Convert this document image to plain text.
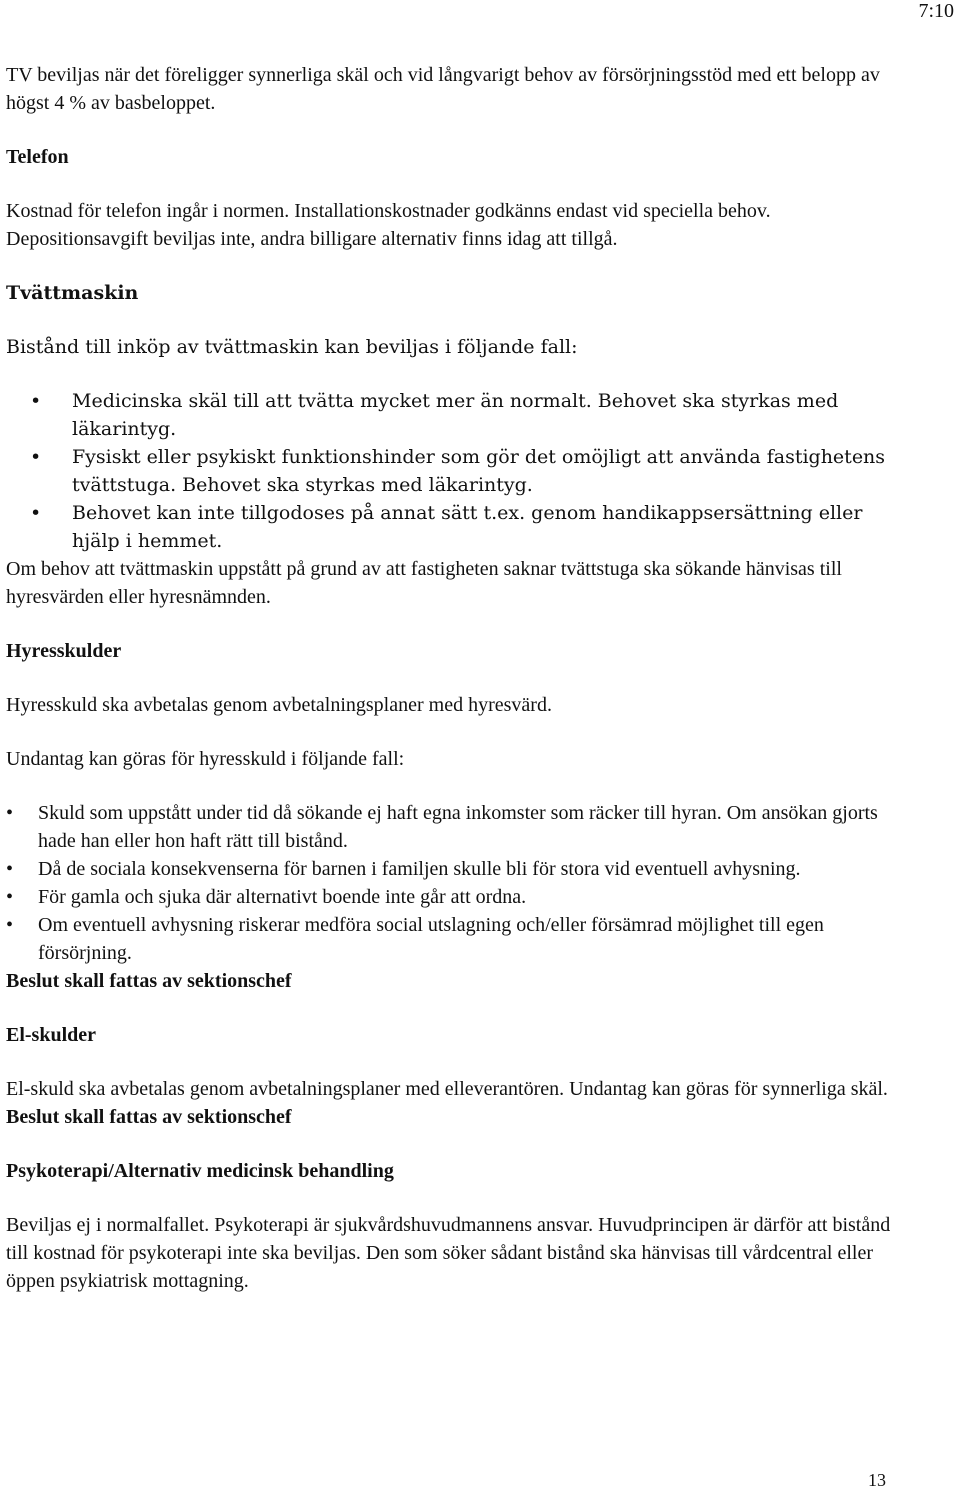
7:10

TV beviljas när det föreligger synnerliga skäl och vid långvarigt behov av försörjningsstöd med ett belopp av högst 4 % av basbeloppet.

Telefon

Kostnad för telefon ingår i normen. Installationskostnader godkänns endast vid speciella behov. Depositionsavgift beviljas inte, andra billigare alternativ finns idag att tillgå.

Tvättmaskin

Bistånd till inköp av tvättmaskin kan beviljas i följande fall:

• Medicinska skäl till att tvätta mycket mer än normalt. Behovet ska styrkas med läkarintyg.
• Fysiskt eller psykiskt funktionshinder som gör det omöjligt att använda fastighetens tvättstuga. Behovet ska styrkas med läkarintyg.
• Behovet kan inte tillgodoses på annat sätt t.ex. genom handikappsersättning eller hjälp i hemmet.

Om behov att tvättmaskin uppstått på grund av att fastigheten saknar tvättstuga ska sökande hänvisas till hyresvärden eller hyresnämnden.

Hyresskulder

Hyresskuld ska avbetalas genom avbetalningsplaner med hyresvärd.

Undantag kan göras för hyresskuld i följande fall:

• Skuld som uppstått under tid då sökande ej haft egna inkomster som räcker till hyran. Om ansökan gjorts hade han eller hon haft rätt till bistånd.
• Då de sociala konsekvenserna för barnen i familjen skulle bli för stora vid eventuell avhysning.
• För gamla och sjuka där alternativt boende inte går att ordna.
• Om eventuell avhysning riskerar medföra social utslagning och/eller försämrad möjlighet till egen försörjning.

Beslut skall fattas av sektionschef

El-skulder

El-skuld ska avbetalas genom avbetalningsplaner med elleverantören. Undantag kan göras för synnerliga skäl.

Beslut skall fattas av sektionschef

Psykoterapi/Alternativ medicinsk behandling

Beviljas ej i normalfallet. Psykoterapi är sjukvårdshuvudmannens ansvar. Huvudprincipen är därför att bistånd till kostnad för psykoterapi inte ska beviljas. Den som söker sådant bistånd ska hänvisas till vårdcentral eller öppen psykiatrisk mottagning.

13
